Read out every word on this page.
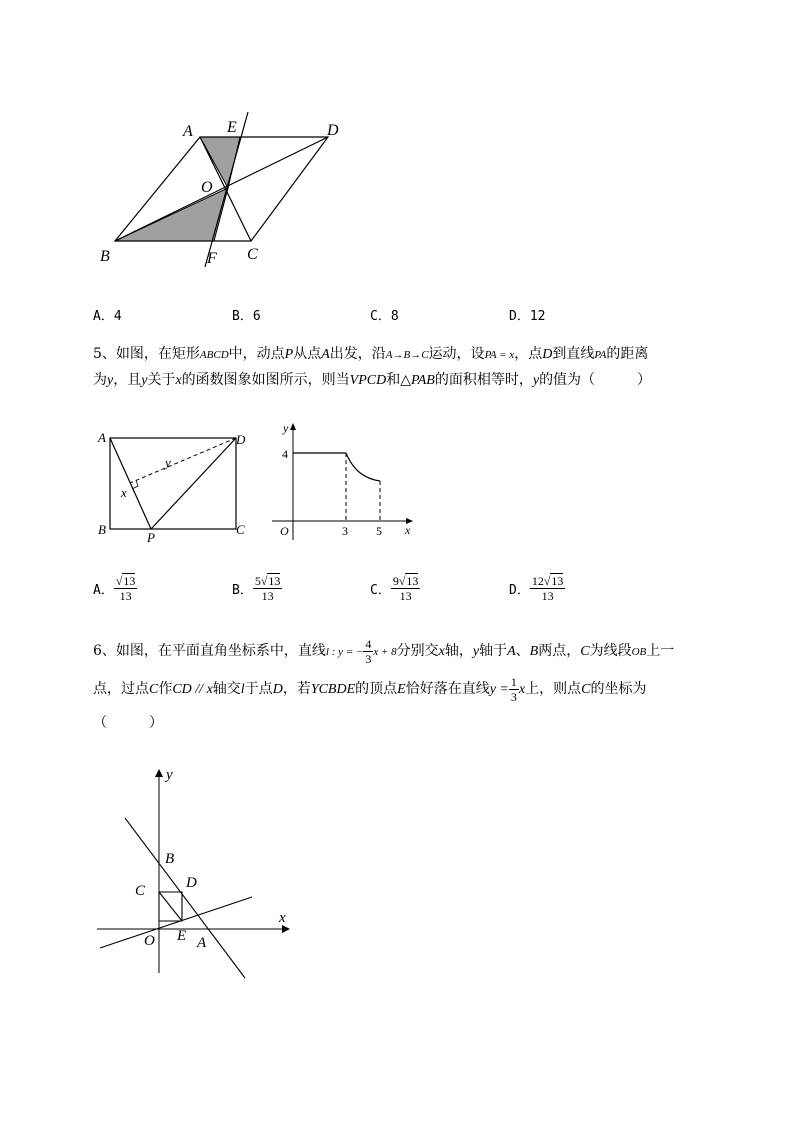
A E	D
O
B	F C
A．4	B．6	C．8	D．12
5、如图，在矩形ABCD中，动点P从点A出发，沿A→B→C运动，设PA = x，点D到直线PA的距离
为y，且y关于x的函数图象如图所示，则当VPCD和△PAB的面积相等时，y的值为（　　　）
A	D
B
P
C
x
y
y
x
O
4
3 5
A． $\frac{√13}{13}$	B． $\frac{5√13}{13}$	C． $\frac{9√13}{13}$	D． $\frac{12√13}{13}$
6、如图，在平面直角坐标系中，直线l : y = − $\frac{4}{3}$ x + 8分别交x轴，y轴于A、B两点，C为线段OB上一
点，过点C作CD // x轴交l于点D，若YCBDE的顶点E恰好落在直线$y = \frac{1}{3}$ x上，则点C的坐标为
（　　　）
y
x
B
C	D
O E A
